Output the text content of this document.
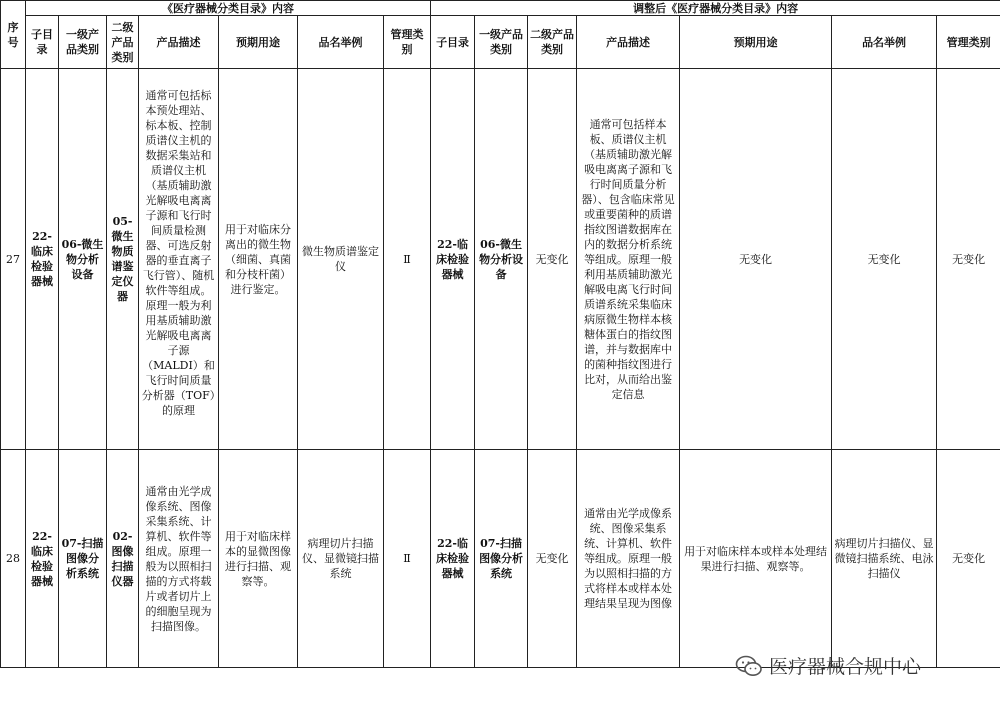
序号	《医疗器械分类目录》内容							调整后《医疗器械分类目录》内容						
	子目录	一级产品类别	二级产品类别	产品描述	预期用途	品名举例	管理类别	子目录	一级产品类别	二级产品类别	产品描述	预期用途	品名举例	管理类别
27	22-临床检验器械	06-微生物分析设备	05-微生物质谱鉴定仪器	通常可包括标本预处理站、标本板、控制质谱仪主机的数据采集站和质谱仪主机（基质辅助激光解吸电离离子源和飞行时间质量检测器、可选反射器的垂直离子飞行管）、随机软件等组成。原理一般为利用基质辅助激光解吸电离离子源（MALDI）和飞行时间质量分析器（TOF）的原理	用于对临床分离出的微生物（细菌、真菌和分枝杆菌）进行鉴定。	微生物质谱鉴定仪	Ⅱ	22-临床检验器械	06-微生物分析设备	无变化	通常可包括样本板、质谱仪主机（基质辅助激光解吸电离离子源和飞行时间质量分析器）、包含临床常见或重要菌种的质谱指纹图谱数据库在内的数据分析系统等组成。原理一般利用基质辅助激光解吸电离飞行时间质谱系统采集临床病原微生物样本核糖体蛋白的指纹图谱，并与数据库中的菌种指纹图进行比对，从而给出鉴定信息	无变化	无变化	无变化
28	22-临床检验器械	07-扫描图像分析系统	02-图像扫描仪器	通常由光学成像系统、图像采集系统、计算机、软件等组成。原理一般为以照相扫描的方式将载片或者切片上的细胞呈现为扫描图像。	用于对临床样本的显微图像进行扫描、观察等。	病理切片扫描仪、显微镜扫描系统	Ⅱ	22-临床检验器械	07-扫描图像分析系统	无变化	通常由光学成像系统、图像采集系统、计算机、软件等组成。原理一般为以照相扫描的方式将样本或样本处理结果呈现为图像	用于对临床样本或样本处理结果进行扫描、观察等。	病理切片扫描仪、显微镜扫描系统、电泳扫描仪	无变化
医疗器械合规中心
